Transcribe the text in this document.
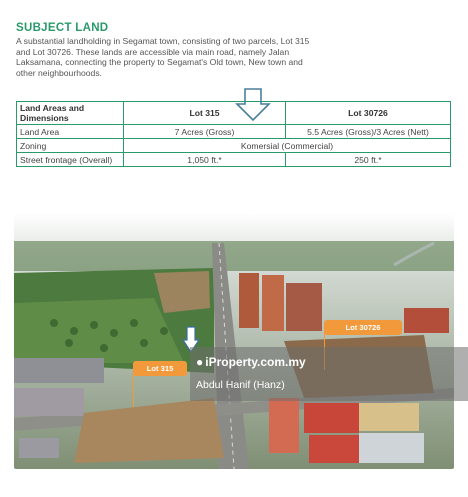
SUBJECT LAND
A substantial landholding in Segamat town, consisting of two parcels, Lot 315 and Lot 30726. These lands are accessible via main road, namely Jalan Laksamana, connecting the property to Segamat's Old town, New town and other neighbourhoods.
Land Areas and Dimensions	Lot 315	Lot 30726
Land Area	7 Acres (Gross)	5.5 Acres (Gross)/3 Acres (Nett)
Zoning	Komersial (Commercial)	
Street frontage (Overall)	1,050 ft.*	250 ft.*
Lot 315
Lot 30726
● iProperty.com.my
Abdul Hanif (Hanz)
